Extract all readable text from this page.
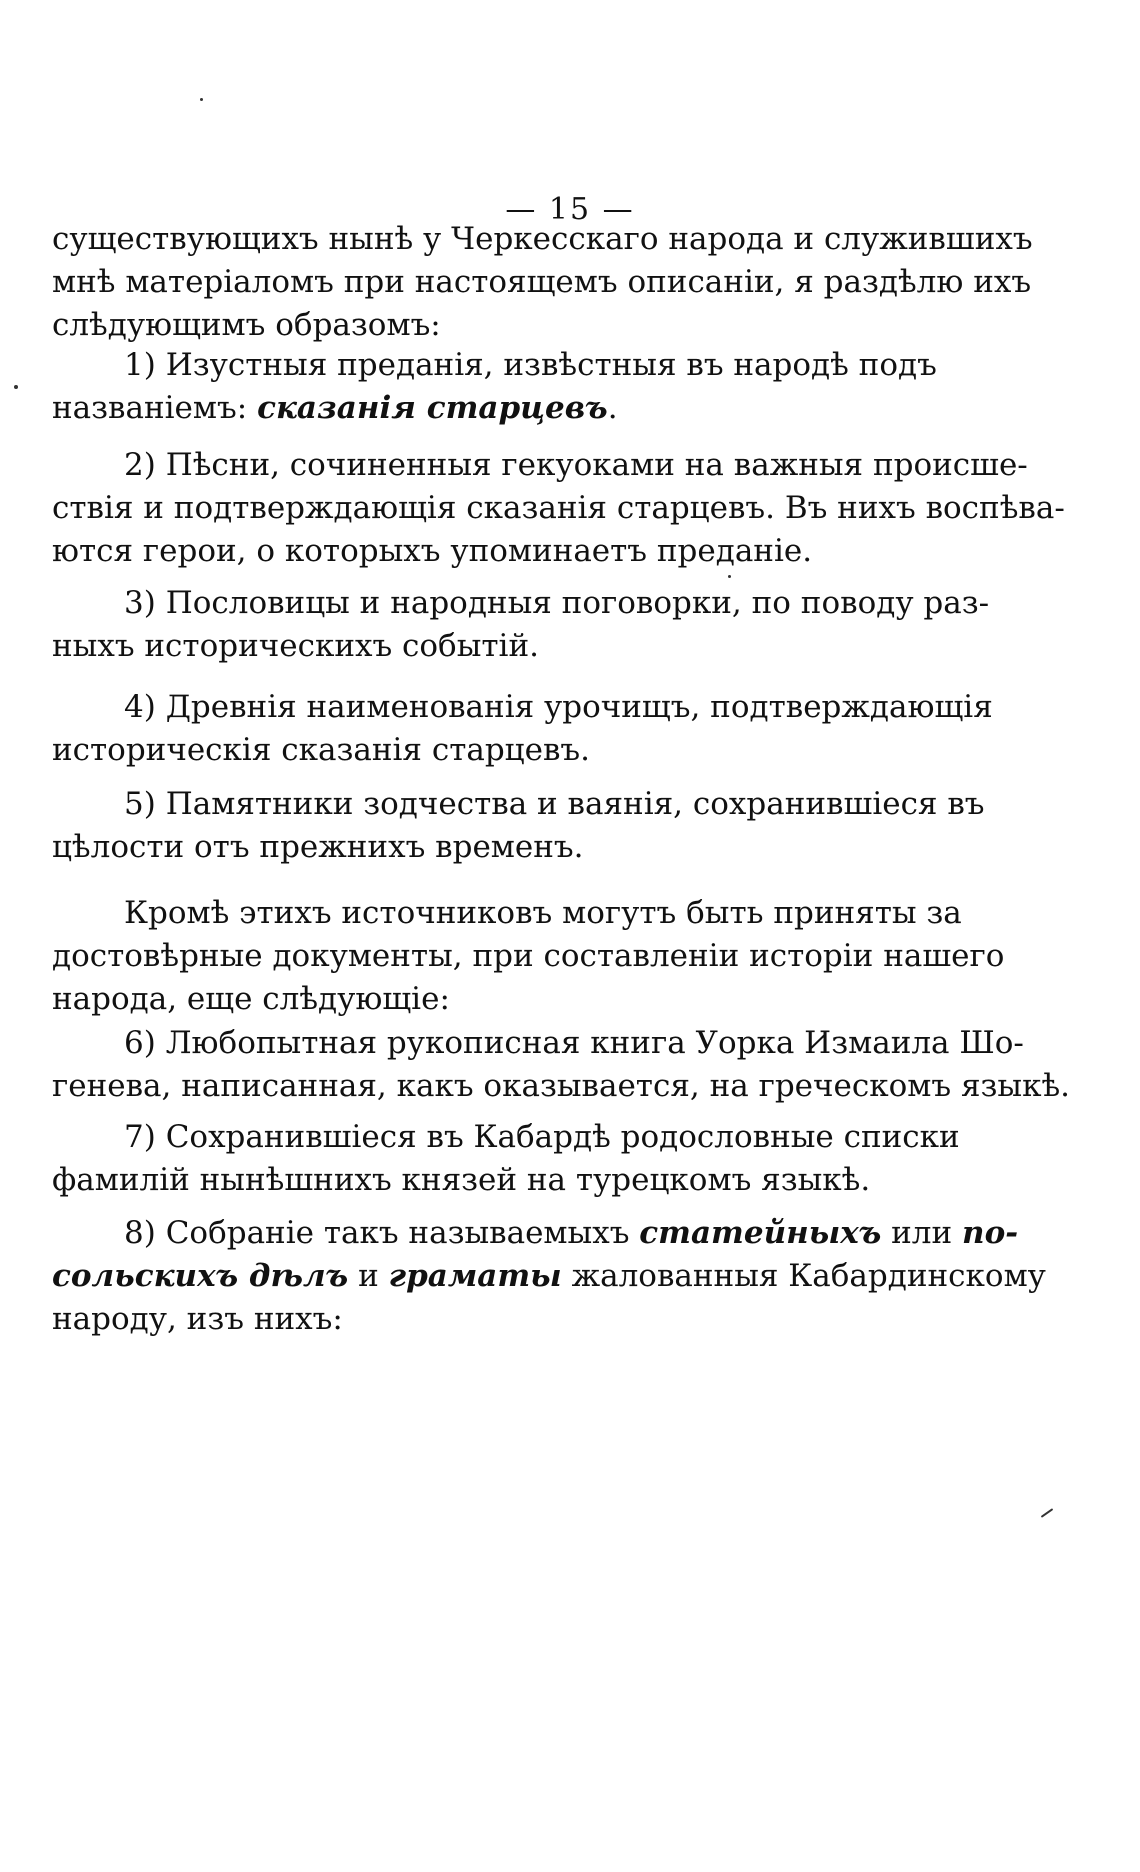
— 15 —
существующихъ нынѣ у Черкесскаго народа и служившихъ
мнѣ матеріаломъ при настоящемъ описаніи, я раздѣлю ихъ
слѣдующимъ образомъ:
1) Изустныя преданія, извѣстныя въ народѣ подъ
названіемъ: сказанія старцевъ.
2) Пѣсни, сочиненныя гекуоками на важныя происше-
ствія и подтверждающія сказанія старцевъ. Въ нихъ воспѣва-
ются герои, о которыхъ упоминаетъ преданіе.
3) Пословицы и народныя поговорки, по поводу раз-
ныхъ историческихъ событій.
4) Древнія наименованія урочищъ, подтверждающія
историческія сказанія старцевъ.
5) Памятники зодчества и ваянія, сохранившіеся въ
цѣлости отъ прежнихъ временъ.
Кромѣ этихъ источниковъ могутъ быть приняты за
достовѣрные документы, при составленіи исторіи нашего
народа, еще слѣдующіе:
6) Любопытная рукописная книга Уорка Измаила Шо-
генева, написанная, какъ оказывается, на греческомъ языкѣ.
7) Сохранившіеся въ Кабардѣ родословные списки
фамилій нынѣшнихъ князей на турецкомъ языкѣ.
8) Собраніе такъ называемыхъ статейныхъ или по-
сольскихъ дѣлъ и граматы жалованныя Кабардинскому
народу, изъ нихъ:
